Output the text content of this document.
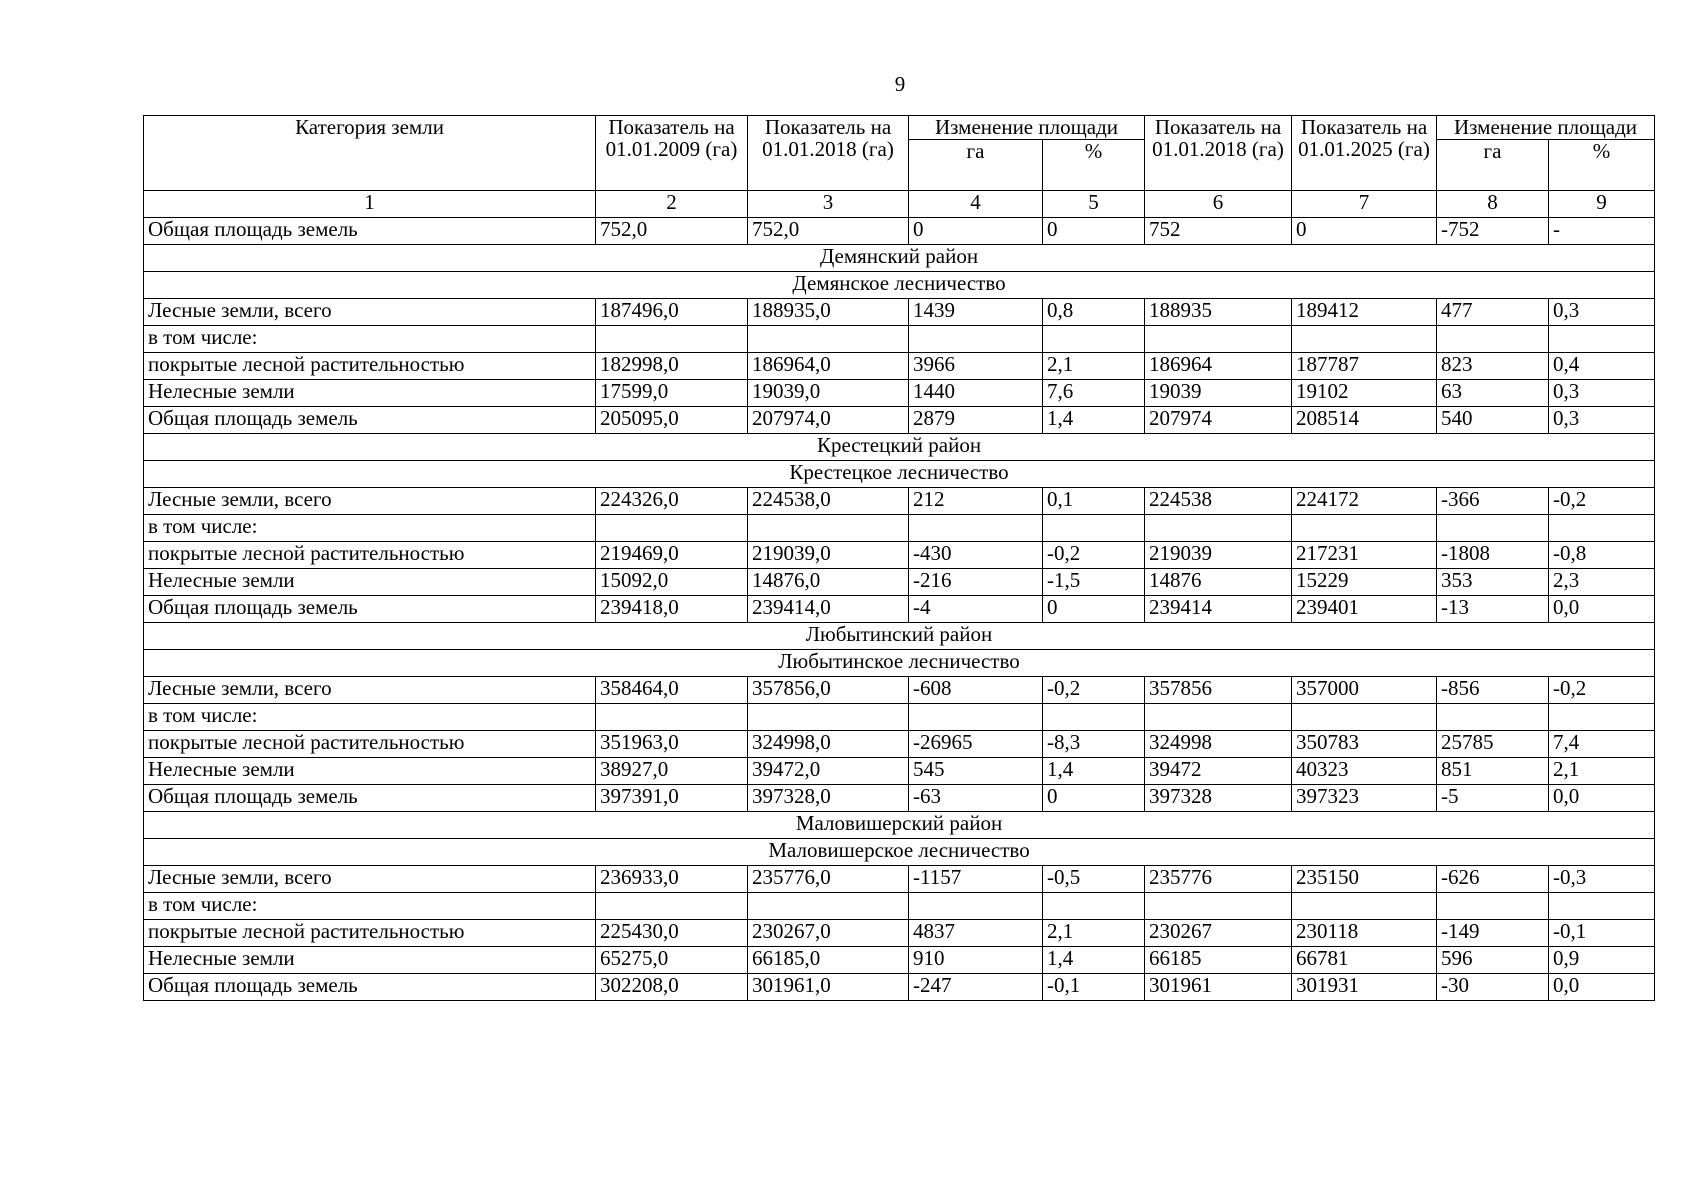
9
Категория земли	Показатель на 01.01.2009 (га)	Показатель на 01.01.2018 (га)	Изменение площади		Показатель на 01.01.2018 (га)	Показатель на 01.01.2025 (га)	Изменение площади	
			га	%			га	%
1	2	3	4	5	6	7	8	9
Общая площадь земель	752,0	752,0	0	0	752	0	-752	-
Демянский район								
Демянское лесничество								
Лесные земли, всего	187496,0	188935,0	1439	0,8	188935	189412	477	0,3
в том числе:								
покрытые лесной растительностью	182998,0	186964,0	3966	2,1	186964	187787	823	0,4
Нелесные земли	17599,0	19039,0	1440	7,6	19039	19102	63	0,3
Общая площадь земель	205095,0	207974,0	2879	1,4	207974	208514	540	0,3
Крестецкий район								
Крестецкое лесничество								
Лесные земли, всего	224326,0	224538,0	212	0,1	224538	224172	-366	-0,2
в том числе:								
покрытые лесной растительностью	219469,0	219039,0	-430	-0,2	219039	217231	-1808	-0,8
Нелесные земли	15092,0	14876,0	-216	-1,5	14876	15229	353	2,3
Общая площадь земель	239418,0	239414,0	-4	0	239414	239401	-13	0,0
Любытинский район								
Любытинское лесничество								
Лесные земли, всего	358464,0	357856,0	-608	-0,2	357856	357000	-856	-0,2
в том числе:								
покрытые лесной растительностью	351963,0	324998,0	-26965	-8,3	324998	350783	25785	7,4
Нелесные земли	38927,0	39472,0	545	1,4	39472	40323	851	2,1
Общая площадь земель	397391,0	397328,0	-63	0	397328	397323	-5	0,0
Маловишерский район								
Маловишерское лесничество								
Лесные земли, всего	236933,0	235776,0	-1157	-0,5	235776	235150	-626	-0,3
в том числе:								
покрытые лесной растительностью	225430,0	230267,0	4837	2,1	230267	230118	-149	-0,1
Нелесные земли	65275,0	66185,0	910	1,4	66185	66781	596	0,9
Общая площадь земель	302208,0	301961,0	-247	-0,1	301961	301931	-30	0,0
